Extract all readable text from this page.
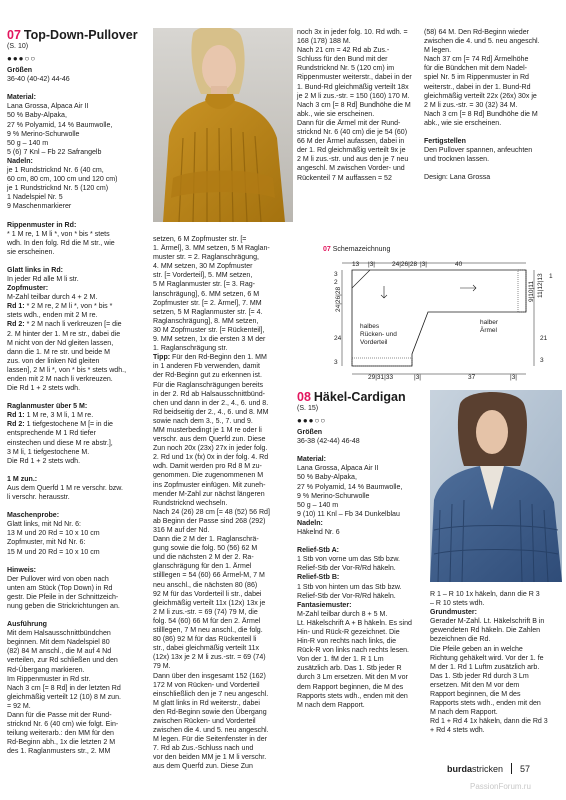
07 Top-Down-Pullover

(S. 10)

●●●○○

Größen

36-40 (40-42) 44-46

Material:

Lana Grossa, Alpaca Air II

50 % Baby-Alpaka,

27 % Polyamid, 14 % Baumwolle,

9 % Merino-Schurwolle

50 g – 140 m

5 (6) 7 Knl – Fb 22 Safrangelb

Nadeln:

je 1 Rundstricknd Nr. 6 (40 cm,

60 cm, 80 cm, 100 cm und 120 cm)

je 1 Rundstricknd Nr. 5 (120 cm)

1 Nadelspiel Nr. 5

9 Maschenmarkierer

Rippenmuster in Rd:

* 1 M re, 1 M li *, von * bis * stets

wdh. In den folg. Rd die M str., wie

sie erscheinen.

Glatt links in Rd:

In jeder Rd alle M li str.

Zopfmuster:

M-Zahl teilbar durch 4 + 2 M.

Rd 1: * 2 M re, 2 M li *, von * bis *

stets wdh., enden mit 2 M re.

Rd 2: * 2 M nach li verkreuzen [= die

2. M hinter der 1. M re str., dabei die

M nicht von der Nd gleiten lassen,

dann die 1. M re str. und beide M

zus. von der linken Nd gleiten

lassen], 2 M li *, von * bis * stets wdh.,

enden mit 2 M nach li verkreuzen.

Die Rd 1 + 2 stets wdh.

Raglanmuster über 5 M:

Rd 1: 1 M re, 3 M li, 1 M re.

Rd 2: 1 tiefgestochene M [= in die

entsprechende M 1 Rd tiefer

einstechen und diese M re abstr.],

3 M li, 1 tiefgestochene M.

Die Rd 1 + 2 stets wdh.

1 M zun.:

Aus dem Querfd 1 M re verschr. bzw.

li verschr. herausstr.

Maschenprobe:

Glatt links, mit Nd Nr. 6:

13 M und 20 Rd = 10 x 10 cm

Zopfmuster, mit Nd Nr. 6:

15 M und 20 Rd = 10 x 10 cm

Hinweis:

Der Pullover wird von oben nach

unten am Stück (Top Down) in Rd

gestr. Die Pfeile in der Schnittzeich-

nung geben die Strickrichtungen an.

Ausführung

Mit dem Halsausschnittbündchen

beginnen. Mit dem Nadelspiel 80

(82) 84 M anschl., die M auf 4 Nd

verteilen, zur Rd schließen und den

Rd-Übergang markieren.

Im Rippenmuster in Rd str.

Nach 3 cm [= 8 Rd] in der letzten Rd

gleichmäßig verteilt 12 (10) 8 M zun.

= 92 M.

Dann für die Passe mit der Rund-

stricknd Nr. 6 (40 cm) wie folgt. Ein-

teilung weiterarb.: den MM für den

Rd-Beginn abh., 1x die letzten 2 M

des 1. Raglanmusters str., 2. MM

setzen, 6 M Zopfmuster str. [=

1. Ärmel], 3. MM setzen, 5 M Raglan-

muster str. = 2. Raglanschrägung,

4. MM setzen, 30 M Zopfmuster

str. [= Vorderteil], 5. MM setzen,

5 M Raglanmuster str. [= 3. Rag-

lanschrägung], 6. MM setzen, 6 M

Zopfmuster str. [= 2. Ärmel], 7. MM

setzen, 5 M Raglanmuster str. [= 4.

Raglanschrägung], 8. MM setzen,

30 M Zopfmuster str. [= Rückenteil],

9. MM setzen, 1x die ersten 3 M der

1. Raglanschrägung str.

Tipp: Für den Rd-Beginn den 1. MM

in 1 anderen Fb verwenden, damit

der Rd-Beginn gut zu erkennen ist.

Für die Raglanschrägungen bereits

in der 2. Rd ab Halsausschnittbünd-

chen und dann in der 2., 4., 6. und 8.

Rd beidseitig der 2., 4., 6. und 8. MM

sowie nach dem 3., 5., 7. und 9.

MM musterbedingt je 1 M re oder li

verschr. aus dem Querfd zun. Diese

Zun noch 20x (23x) 27x in jeder folg.

2. Rd und 1x (fx) 0x in der folg. 4. Rd

wdh. Damit werden pro Rd 8 M zu-

genommen. Die zugenommenen M

ins Zopfmuster einfügen. Mit zuneh-

mender M-Zahl zur nächst längeren

Rundstricknd wechseln.

Nach 24 (26) 28 cm [= 48 (52) 56 Rd]

ab Beginn der Passe sind 268 (292)

316 M auf der Nd.

Dann die 2 M der 1. Raglanschrä-

gung sowie die folg. 50 (56) 62 M

und die nächsten 2 M der 2. Ra-

glanschrägung für den 1. Ärmel

stilllegen = 54 (60) 66 Ärmel-M, 7 M

neu anschl., die nächsten 80 (86)

92 M für das Vorderteil li str., dabei

gleichmäßig verteilt 11x (12x) 13x je

2 M li zus.-str. = 69 (74) 79 M, die

folg. 54 (60) 66 M für den 2. Ärmel

stilllegen, 7 M neu anschl., die folg.

80 (86) 92 M für das Rückenteil li

str., dabei gleichmäßig verteilt 11x

(12x) 13x je 2 M li zus.-str. = 69 (74)

79 M.

Dann über den insgesamt 152 (162)

172 M von Rücken- und Vorderteil

einschließlich den je 7 neu angeschl.

M glatt links in Rd weiterstr., dabei

den Rd-Beginn sowie den Übergang

zwischen Rücken- und Vorderteil

zwischen die 4. und 5. neu angeschl.

M legen. Für die Seitenfenster in der

7. Rd ab Zus.-Schluss nach und

vor den beiden MM je 1 M li verschr.

aus dem Querfd zun. Diese Zun

noch 3x in jeder folg. 10. Rd wdh. =

168 (178) 188 M.

Nach 21 cm = 42 Rd ab Zus.-

Schluss für den Bund mit der

Rundstricknd Nr. 5 (120 cm) im

Rippenmuster weiterstr., dabei in der

1. Bund-Rd gleichmäßig verteilt 18x

je 2 M li zus.-str. = 150 (160) 170 M.

Nach 3 cm [= 8 Rd] Bundhöhe die M

abk., wie sie erscheinen.

Dann für die Ärmel mit der Rund-

stricknd Nr. 6 (40 cm) die je 54 (60)

66 M der Ärmel aufassen, dabei in

der 1. Rd gleichmäßig verteilt 9x je

2 M li zus.-str. und aus den je 7 neu

angeschl. M zwischen Vorder- und

Rückenteil 7 M auffassen = 52

(58) 64 M. Den Rd-Beginn wieder

zwischen die 4. und 5. neu angeschl.

M legen.

Nach 37 cm [= 74 Rd] Ärmelhöhe

für die Bündchen mit dem Nadel-

spiel Nr. 5 im Rippenmuster in Rd

weiterstr., dabei in der 1. Bund-Rd

gleichmäßig verteilt 22x (26x) 30x je

2 M li zus.-str. = 30 (32) 34 M.

Nach 3 cm [= 8 Rd] Bundhöhe die M

abk., wie sie erscheinen.

Fertigstellen

Den Pullover spannen, anfeuchten

und trocknen lassen.

Design: Lana Grossa

07 Schemazeichnung
13 |3|	24|26|28 |3|	40
3
2
24|26|28
24
3
9|10|11 11|12|13 1
21
3
halber
Ärmel
halbes
Rücken- und
Vorderteil
29|31|33	|3|	37	|3|
08 Häkel-Cardigan

(S. 15)

●●●○○

Größen

36-38 (42-44) 46-48

Material:

Lana Grossa, Alpaca Air II

50 % Baby-Alpaka,

27 % Polyamid, 14 % Baumwolle,

9 % Merino-Schurwolle

50 g – 140 m

9 (10) 11 Knl – Fb 34 Dunkelblau

Nadeln:

Häkelnd Nr. 6

Relief-Stb A:

1 Stb von vorne um das Stb bzw.

Relief-Stb der Vor-R/Rd häkeln.

Relief-Stb B:

1 Stb von hinten um das Stb bzw.

Relief-Stb der Vor-R/Rd häkeln.

Fantasiemuster:

M-Zahl teilbar durch 8 + 5 M.

Lt. Häkelschrift A + B häkeln. Es sind

Hin- und Rück-R gezeichnet. Die

Hin-R von rechts nach links, die

Rück-R von links nach rechts lesen.

Von der 1. fM der 1. R 1 Lm

zusätzlich arb. Das 1. Stb jeder R

durch 3 Lm ersetzen. Mit den M vor

dem Rapport beginnen, die M des

Rapports stets wdh., enden mit den

M nach dem Rapport.

R 1 – R 10 1x häkeln, dann die R 3

– R 10 stets wdh.

Grundmuster:

Gerader M-Zahl. Lt. Häkelschrift B in

gewendeten Rd häkeln. Die Zahlen

bezeichnen die Rd.

Die Pfeile geben an in welche

Richtung gehäkelt wird. Vor der 1. fe

M der 1. Rd 1 Luftm zusätzlich arb.

Das 1. Stb jeder Rd durch 3 Lm

ersetzen. Mit den M vor dem

Rapport beginnen, die M des

Rapports stets wdh., enden mit den

M nach dem Rapport.

Rd 1 + Rd 4 1x häkeln, dann die Rd 3

+ Rd 4 stets wdh.

burdastricken 57
PassionForum.ru
